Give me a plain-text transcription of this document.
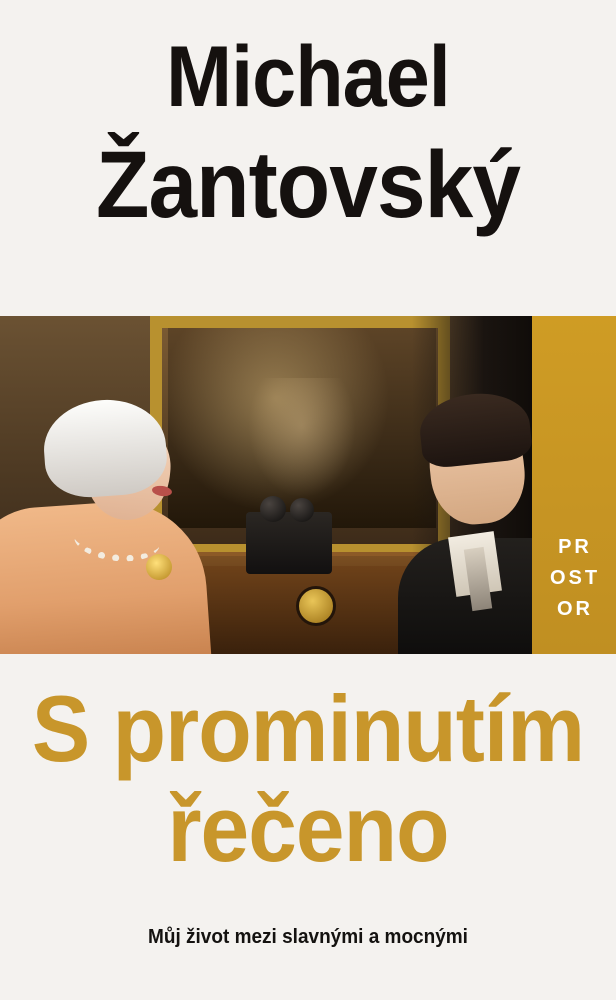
Michael
Žantovský
PR
OST
OR
S prominutím
řečeno
Můj život mezi slavnými a mocnými
